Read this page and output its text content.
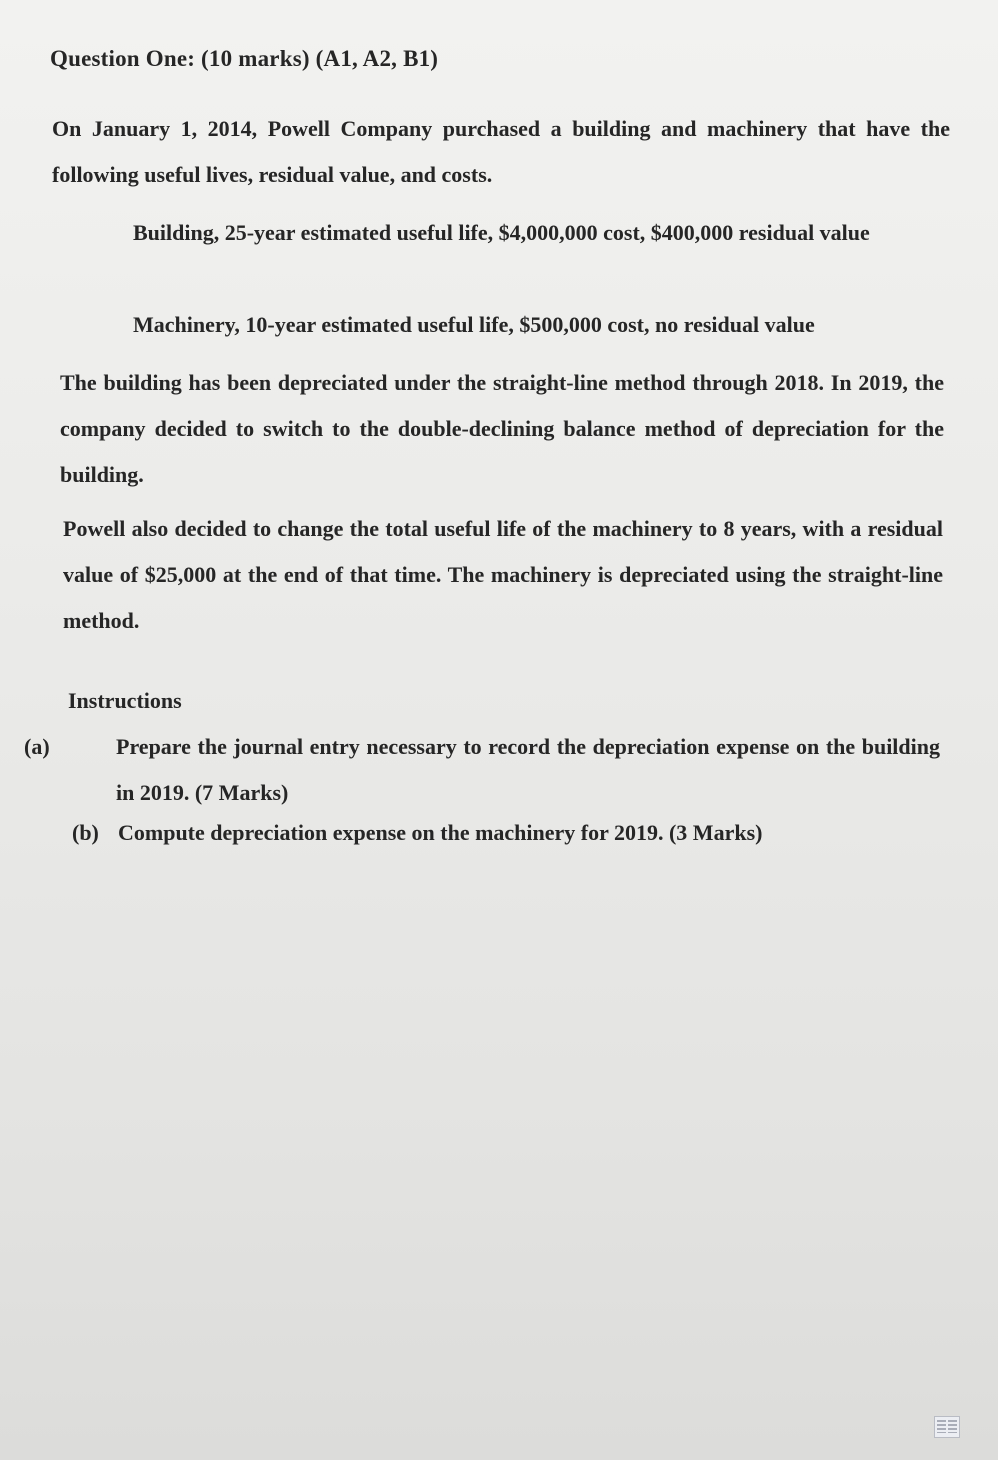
Question One: (10 marks) (A1, A2, B1)
On January 1, 2014, Powell Company purchased a building and machinery that have the following useful lives, residual value, and costs.
Building, 25-year estimated useful life, $4,000,000 cost, $400,000 residual value
Machinery, 10-year estimated useful life, $500,000 cost, no residual value
The building has been depreciated under the straight-line method through 2018. In 2019, the company decided to switch to the double-declining balance method of depreciation for the building.
Powell also decided to change the total useful life of the machinery to 8 years, with a residual value of $25,000 at the end of that time. The machinery is depreciated using the straight-line method.
Instructions
(a)	Prepare the journal entry necessary to record the depreciation expense on the building in 2019. (7 Marks)
(b) Compute depreciation expense on the machinery for 2019. (3 Marks)
